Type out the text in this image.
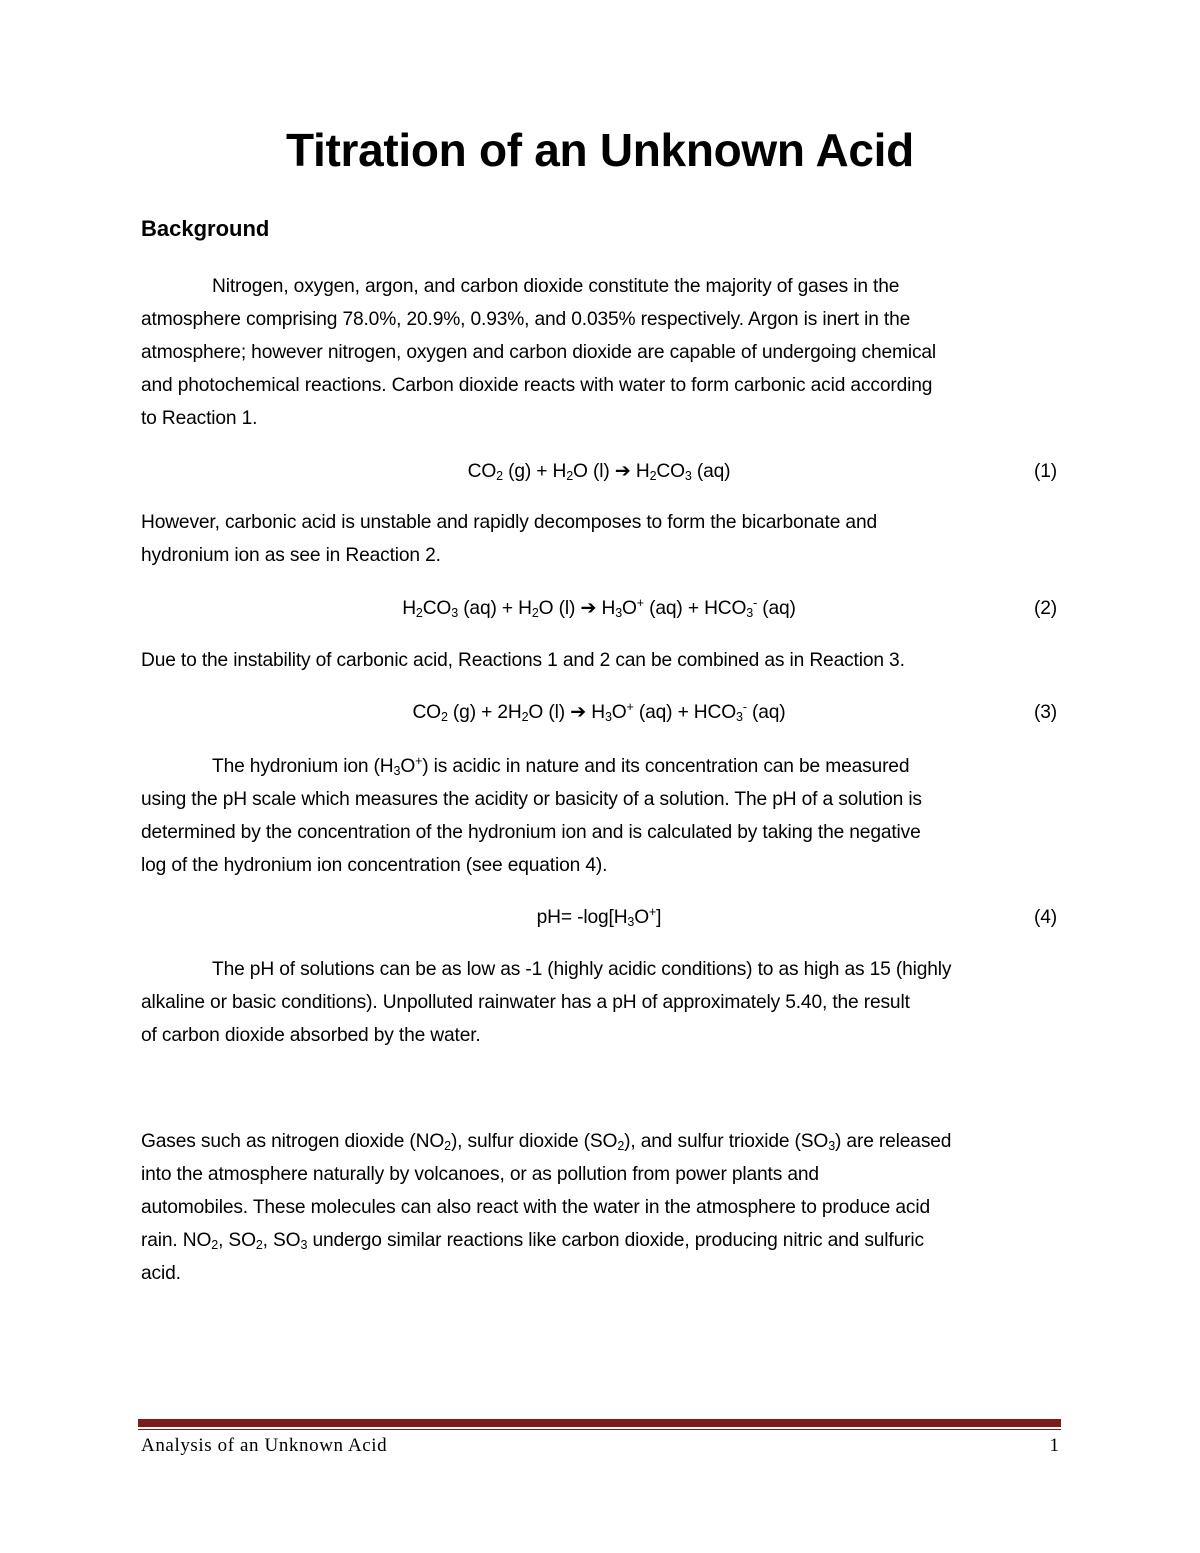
Titration of an Unknown Acid
Background
Nitrogen, oxygen, argon, and carbon dioxide constitute the majority of gases in the
atmosphere comprising 78.0%, 20.9%, 0.93%, and 0.035% respectively. Argon is inert in the
atmosphere; however nitrogen, oxygen and carbon dioxide are capable of undergoing chemical
and photochemical reactions. Carbon dioxide reacts with water to form carbonic acid according
to Reaction 1.
$CO_2$ $(g) + H_2O$ (l) ➔ $H_2CO_3$ (aq)	(1)
However, carbonic acid is unstable and rapidly decomposes to form the bicarbonate and
hydronium ion as see in Reaction 2.
$H_2CO_3$ $(aq) + H_2O$ (l) ➔ $H_3O^+$ $(aq) + HCO_3^-$ (aq)	(2)
Due to the instability of carbonic acid, Reactions 1 and 2 can be combined as in Reaction 3.
$CO_2$ $(g) + 2H_2O$ (l) ➔ $H_3O^+$ $(aq) + HCO_3^-$ (aq)	(3)
The hydronium ion $(H_3O^+)$ is acidic in nature and its concentration can be measured
using the pH scale which measures the acidity or basicity of a solution. The pH of a solution is
determined by the concentration of the hydronium ion and is calculated by taking the negative
log of the hydronium ion concentration (see equation 4).
$pH= -\log[H_3O^+]$	(4)
The pH of solutions can be as low as -1 (highly acidic conditions) to as high as 15 (highly
alkaline or basic conditions). Unpolluted rainwater has a pH of approximately 5.40, the result
of carbon dioxide absorbed by the water.
Gases such as nitrogen dioxide $(NO_2)$, sulfur dioxide $(SO_2)$, and sulfur trioxide $(SO_3)$ are released
into the atmosphere naturally by volcanoes, or as pollution from power plants and
automobiles. These molecules can also react with the water in the atmosphere to produce acid
rain. $NO_2$, $SO_2$, $SO_3$ undergo similar reactions like carbon dioxide, producing nitric and sulfuric
acid.
Analysis of an Unknown Acid	1
